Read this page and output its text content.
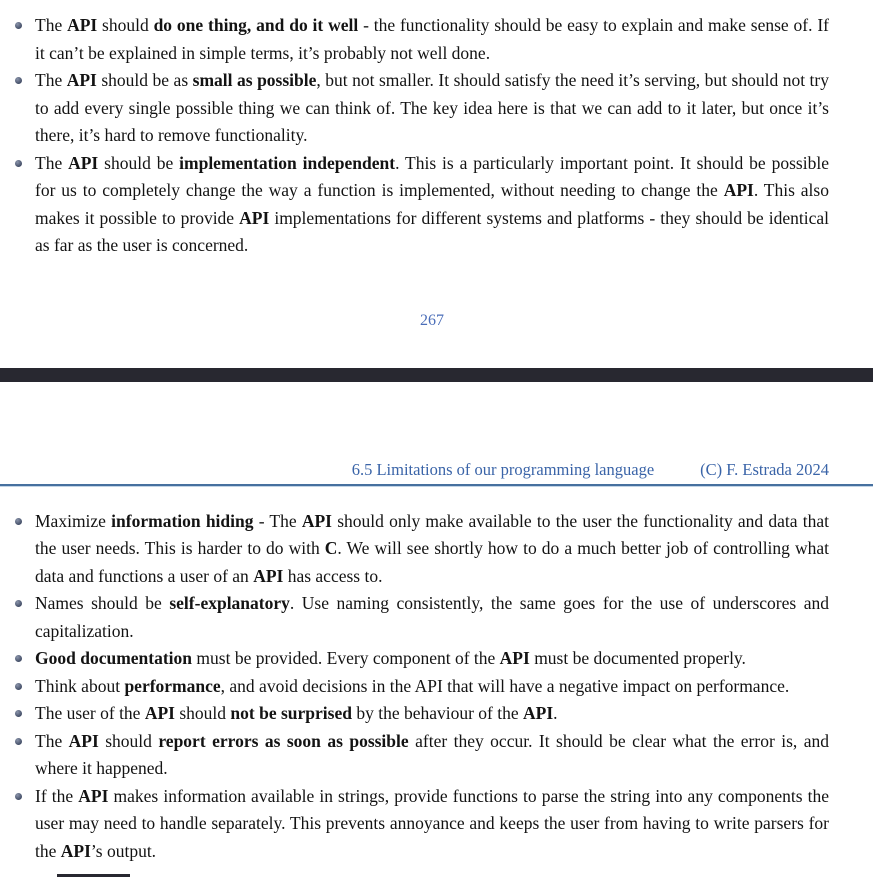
The API should do one thing, and do it well - the functionality should be easy to explain and make sense of. If it can’t be explained in simple terms, it’s probably not well done.
The API should be as small as possible, but not smaller. It should satisfy the need it’s serving, but should not try to add every single possible thing we can think of. The key idea here is that we can add to it later, but once it’s there, it’s hard to remove functionality.
The API should be implementation independent. This is a particularly important point. It should be possible for us to completely change the way a function is implemented, without needing to change the API. This also makes it possible to provide API implementations for different systems and platforms - they should be identical as far as the user is concerned.
267
6.5 Limitations of our programming language	(C) F. Estrada 2024
Maximize information hiding - The API should only make available to the user the functionality and data that the user needs. This is harder to do with C. We will see shortly how to do a much better job of controlling what data and functions a user of an API has access to.
Names should be self-explanatory. Use naming consistently, the same goes for the use of underscores and capitalization.
Good documentation must be provided. Every component of the API must be documented properly.
Think about performance, and avoid decisions in the API that will have a negative impact on performance.
The user of the API should not be surprised by the behaviour of the API.
The API should report errors as soon as possible after they occur. It should be clear what the error is, and where it happened.
If the API makes information available in strings, provide functions to parse the string into any components the user may need to handle separately. This prevents annoyance and keeps the user from having to write parsers for the API’s output.
